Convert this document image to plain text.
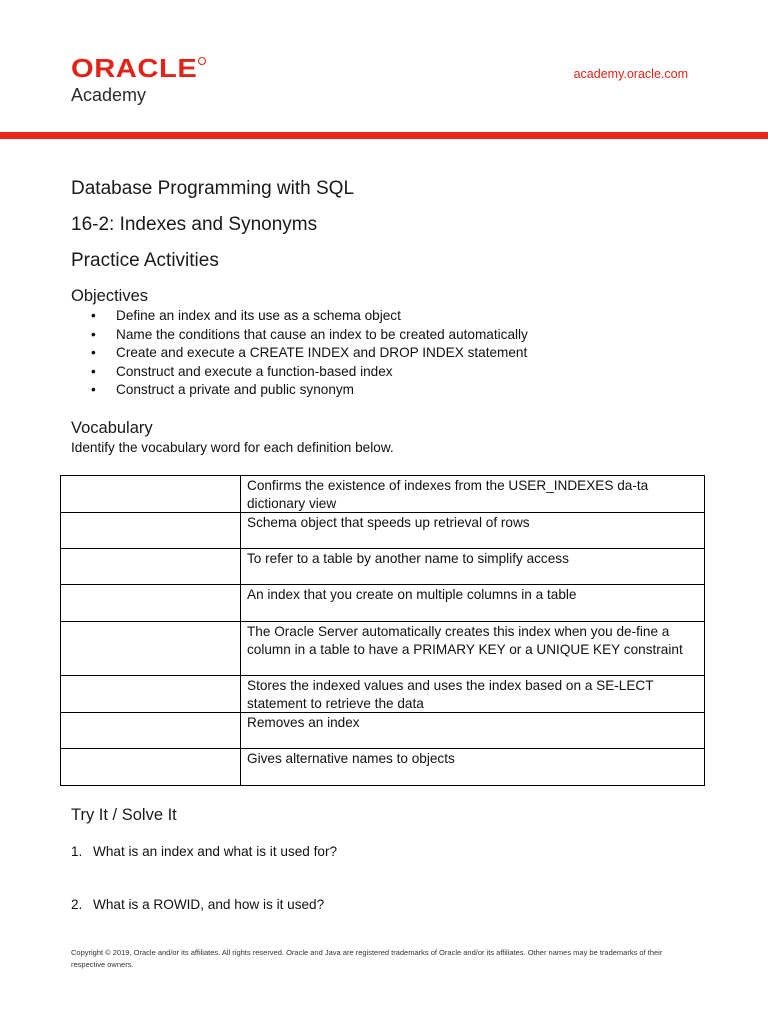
ORACLE
Academy
academy.oracle.com
Database Programming with SQL
16-2: Indexes and Synonyms
Practice Activities
Objectives
• Define an index and its use as a schema object
• Name the conditions that cause an index to be created automatically
• Create and execute a CREATE INDEX and DROP INDEX statement
• Construct and execute a function-based index
• Construct a private and public synonym
Vocabulary

Identify the vocabulary word for each definition below.

	Confirms the existence of indexes from the USER_INDEXES da-ta dictionary view
	Schema object that speeds up retrieval of rows
	To refer to a table by another name to simplify access
	An index that you create on multiple columns in a table
	The Oracle Server automatically creates this index when you de-fine a column in a table to have a PRIMARY KEY or a UNIQUE KEY constraint
	Stores the indexed values and uses the index based on a SE-LECT statement to retrieve the data
	Removes an index
	Gives alternative names to objects
Try It / Solve It

1. What is an index and what is it used for?

2. What is a ROWID, and how is it used?

Copyright © 2019, Oracle and/or its affiliates. All rights reserved. Oracle and Java are registered trademarks of Oracle and/or its affiliates. Other names may be trademarks of their respective owners.
